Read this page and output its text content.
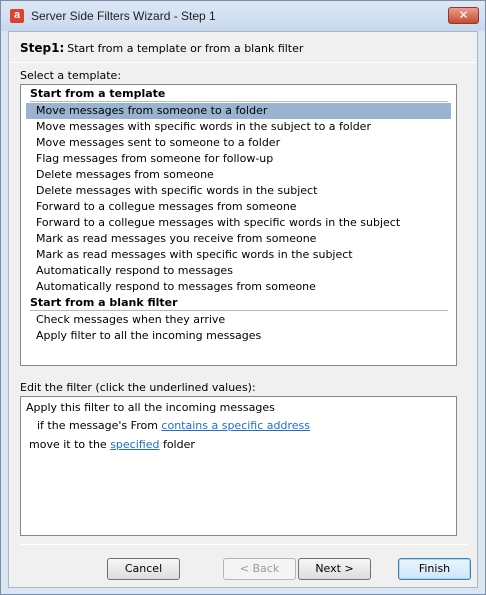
a Server Side Filters Wizard - Step 1	✕
Step1: Start from a template or from a blank filter
Select a template:
Start from a template
Move messages from someone to a folder
Move messages with specific words in the subject to a folder
Move messages sent to someone to a folder
Flag messages from someone for follow-up
Delete messages from someone
Delete messages with specific words in the subject
Forward to a collegue messages from someone
Forward to a collegue messages with specific words in the subject
Mark as read messages you receive from someone
Mark as read messages with specific words in the subject
Automatically respond to messages
Automatically respond to messages from someone
Start from a blank filter
Check messages when they arrive
Apply filter to all the incoming messages
Edit the filter (click the underlined values):
Apply this filter to all the incoming messages
if the message's From contains a specific address
move it to the specified folder
Cancel	< Back	Next >	Finish
